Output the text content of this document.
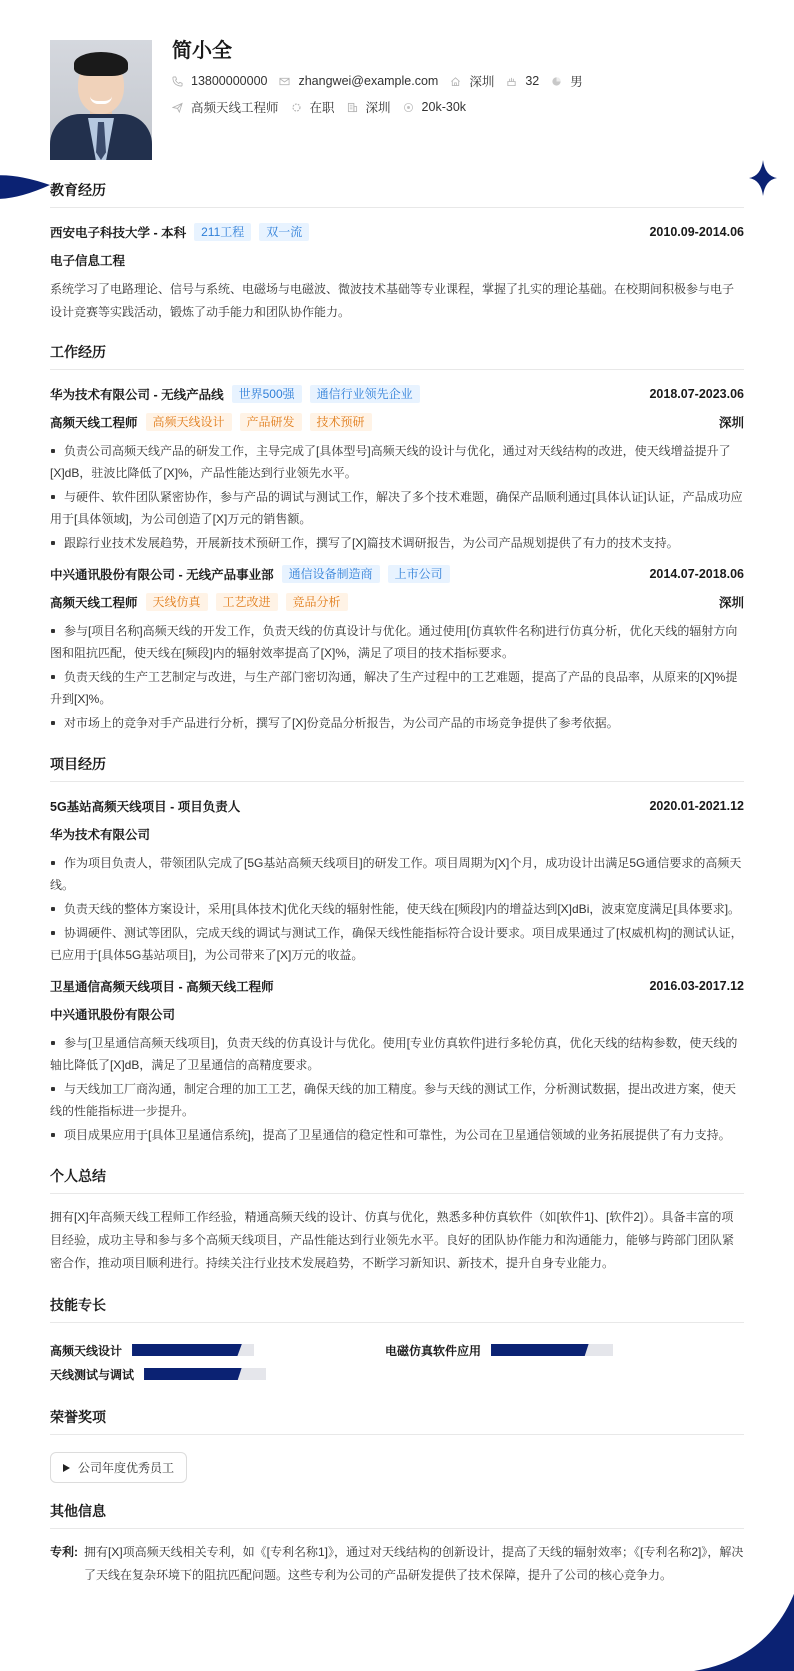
简小全
13800000000 zhangwei@example.com 深圳 32 男
高频天线工程师 在职 深圳 20k-30k
教育经历
西安电子科技大学 - 本科	211工程	双一流	2010.09-2014.06
电子信息工程
系统学习了电路理论、信号与系统、电磁场与电磁波、微波技术基础等专业课程，掌握了扎实的理论基础。在校期间积极参与电子设计竞赛等实践活动，锻炼了动手能力和团队协作能力。
工作经历
华为技术有限公司 - 无线产品线	世界500强	通信行业领先企业	2018.07-2023.06
高频天线工程师	高频天线设计	产品研发	技术预研	深圳
负责公司高频天线产品的研发工作，主导完成了[具体型号]高频天线的设计与优化，通过对天线结构的改进，使天线增益提升了[X]dB，驻波比降低了[X]%，产品性能达到行业领先水平。
与硬件、软件团队紧密协作，参与产品的调试与测试工作，解决了多个技术难题，确保产品顺利通过[具体认证]认证，产品成功应用于[具体领域]，为公司创造了[X]万元的销售额。
跟踪行业技术发展趋势，开展新技术预研工作，撰写了[X]篇技术调研报告，为公司产品规划提供了有力的技术支持。
中兴通讯股份有限公司 - 无线产品事业部	通信设备制造商	上市公司	2014.07-2018.06
高频天线工程师	天线仿真	工艺改进	竞品分析	深圳
参与[项目名称]高频天线的开发工作，负责天线的仿真设计与优化。通过使用[仿真软件名称]进行仿真分析，优化天线的辐射方向图和阻抗匹配，使天线在[频段]内的辐射效率提高了[X]%，满足了项目的技术指标要求。
负责天线的生产工艺制定与改进，与生产部门密切沟通，解决了生产过程中的工艺难题，提高了产品的良品率，从原来的[X]%提升到[X]%。
对市场上的竞争对手产品进行分析，撰写了[X]份竞品分析报告，为公司产品的市场竞争提供了参考依据。
项目经历
5G基站高频天线项目 - 项目负责人	2020.01-2021.12
华为技术有限公司
作为项目负责人，带领团队完成了[5G基站高频天线项目]的研发工作。项目周期为[X]个月，成功设计出满足5G通信要求的高频天线。
负责天线的整体方案设计，采用[具体技术]优化天线的辐射性能，使天线在[频段]内的增益达到[X]dBi，波束宽度满足[具体要求]。
协调硬件、测试等团队，完成天线的调试与测试工作，确保天线性能指标符合设计要求。项目成果通过了[权威机构]的测试认证，已应用于[具体5G基站项目]，为公司带来了[X]万元的收益。
卫星通信高频天线项目 - 高频天线工程师	2016.03-2017.12
中兴通讯股份有限公司
参与[卫星通信高频天线项目]，负责天线的仿真设计与优化。使用[专业仿真软件]进行多轮仿真，优化天线的结构参数，使天线的轴比降低了[X]dB，满足了卫星通信的高精度要求。
与天线加工厂商沟通，制定合理的加工工艺，确保天线的加工精度。参与天线的测试工作，分析测试数据，提出改进方案，使天线的性能指标进一步提升。
项目成果应用于[具体卫星通信系统]，提高了卫星通信的稳定性和可靠性，为公司在卫星通信领域的业务拓展提供了有力支持。
个人总结
拥有[X]年高频天线工程师工作经验，精通高频天线的设计、仿真与优化，熟悉多种仿真软件（如[软件1]、[软件2]）。具备丰富的项目经验，成功主导和参与多个高频天线项目，产品性能达到行业领先水平。良好的团队协作能力和沟通能力，能够与跨部门团队紧密合作，推动项目顺利进行。持续关注行业技术发展趋势，不断学习新知识、新技术，提升自身专业能力。
技能专长
高频天线设计	电磁仿真软件应用
天线测试与调试
荣誉奖项
公司年度优秀员工
其他信息
专利: 拥有[X]项高频天线相关专利，如《[专利名称1]》，通过对天线结构的创新设计，提高了天线的辐射效率；《[专利名称2]》，解决了天线在复杂环境下的阻抗匹配问题。这些专利为公司的产品研发提供了技术保障，提升了公司的核心竞争力。
